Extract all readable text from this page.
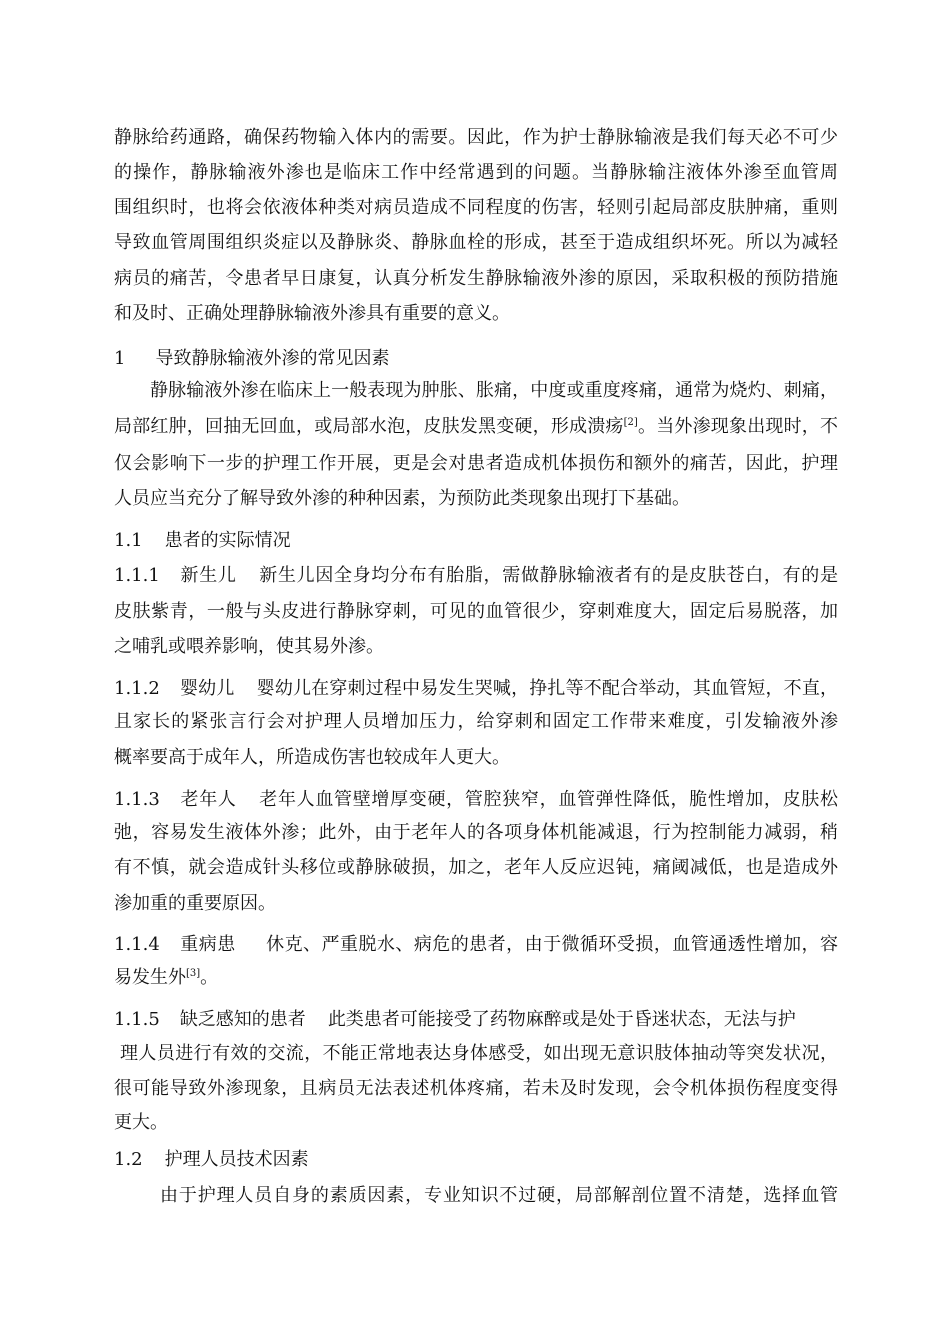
静脉给药通路，确保药物输入体内的需要。因此，作为护士静脉输液是我们每天必不可少

的操作，静脉输液外渗也是临床工作中经常遇到的问题。当静脉输注液体外渗至血管周

围组织时，也将会依液体种类对病员造成不同程度的伤害，轻则引起局部皮肤肿痛，重则

导致血管周围组织炎症以及静脉炎、静脉血栓的形成，甚至于造成组织坏死。所以为减轻

病员的痛苦，令患者早日康复，认真分析发生静脉输液外渗的原因，采取积极的预防措施

和及时、正确处理静脉输液外渗具有重要的意义。

1 导致静脉输液外渗的常见因素

静脉输液外渗在临床上一般表现为肿胀、胀痛，中度或重度疼痛，通常为烧灼、刺痛，

局部红肿，回抽无回血，或局部水泡，皮肤发黑变硬，形成溃疡[2]。当外渗现象出现时，不

仅会影响下一步的护理工作开展，更是会对患者造成机体损伤和额外的痛苦，因此，护理

人员应当充分了解导致外渗的种种因素，为预防此类现象出现打下基础。

1.1 患者的实际情况

1.1.1 新生儿 新生儿因全身均分布有胎脂，需做静脉输液者有的是皮肤苍白，有的是

皮肤紫青，一般与头皮进行静脉穿刺，可见的血管很少，穿刺难度大，固定后易脱落，加

之哺乳或喂养影响，使其易外渗。

1.1.2 婴幼儿 婴幼儿在穿刺过程中易发生哭喊，挣扎等不配合举动，其血管短，不直，

且家长的紧张言行会对护理人员增加压力，给穿刺和固定工作带来难度，引发输液外渗

概率要高于成年人，所造成伤害也较成年人更大。

1.1.3 老年人 老年人血管壁增厚变硬，管腔狭窄，血管弹性降低，脆性增加，皮肤松

弛，容易发生液体外渗；此外，由于老年人的各项身体机能减退，行为控制能力减弱，稍

有不慎，就会造成针头移位或静脉破损，加之，老年人反应迟钝，痛阈减低，也是造成外

渗加重的重要原因。

1.1.4 重病患 休克、严重脱水、病危的患者，由于微循环受损，血管通透性增加，容

易发生外[3]。

1.1.5 缺乏感知的患者 此类患者可能接受了药物麻醉或是处于昏迷状态，无法与护

理人员进行有效的交流，不能正常地表达身体感受，如出现无意识肢体抽动等突发状况，

很可能导致外渗现象，且病员无法表述机体疼痛，若未及时发现，会令机体损伤程度变得

更大。

1.2 护理人员技术因素

由于护理人员自身的素质因素，专业知识不过硬，局部解剖位置不清楚，选择血管
